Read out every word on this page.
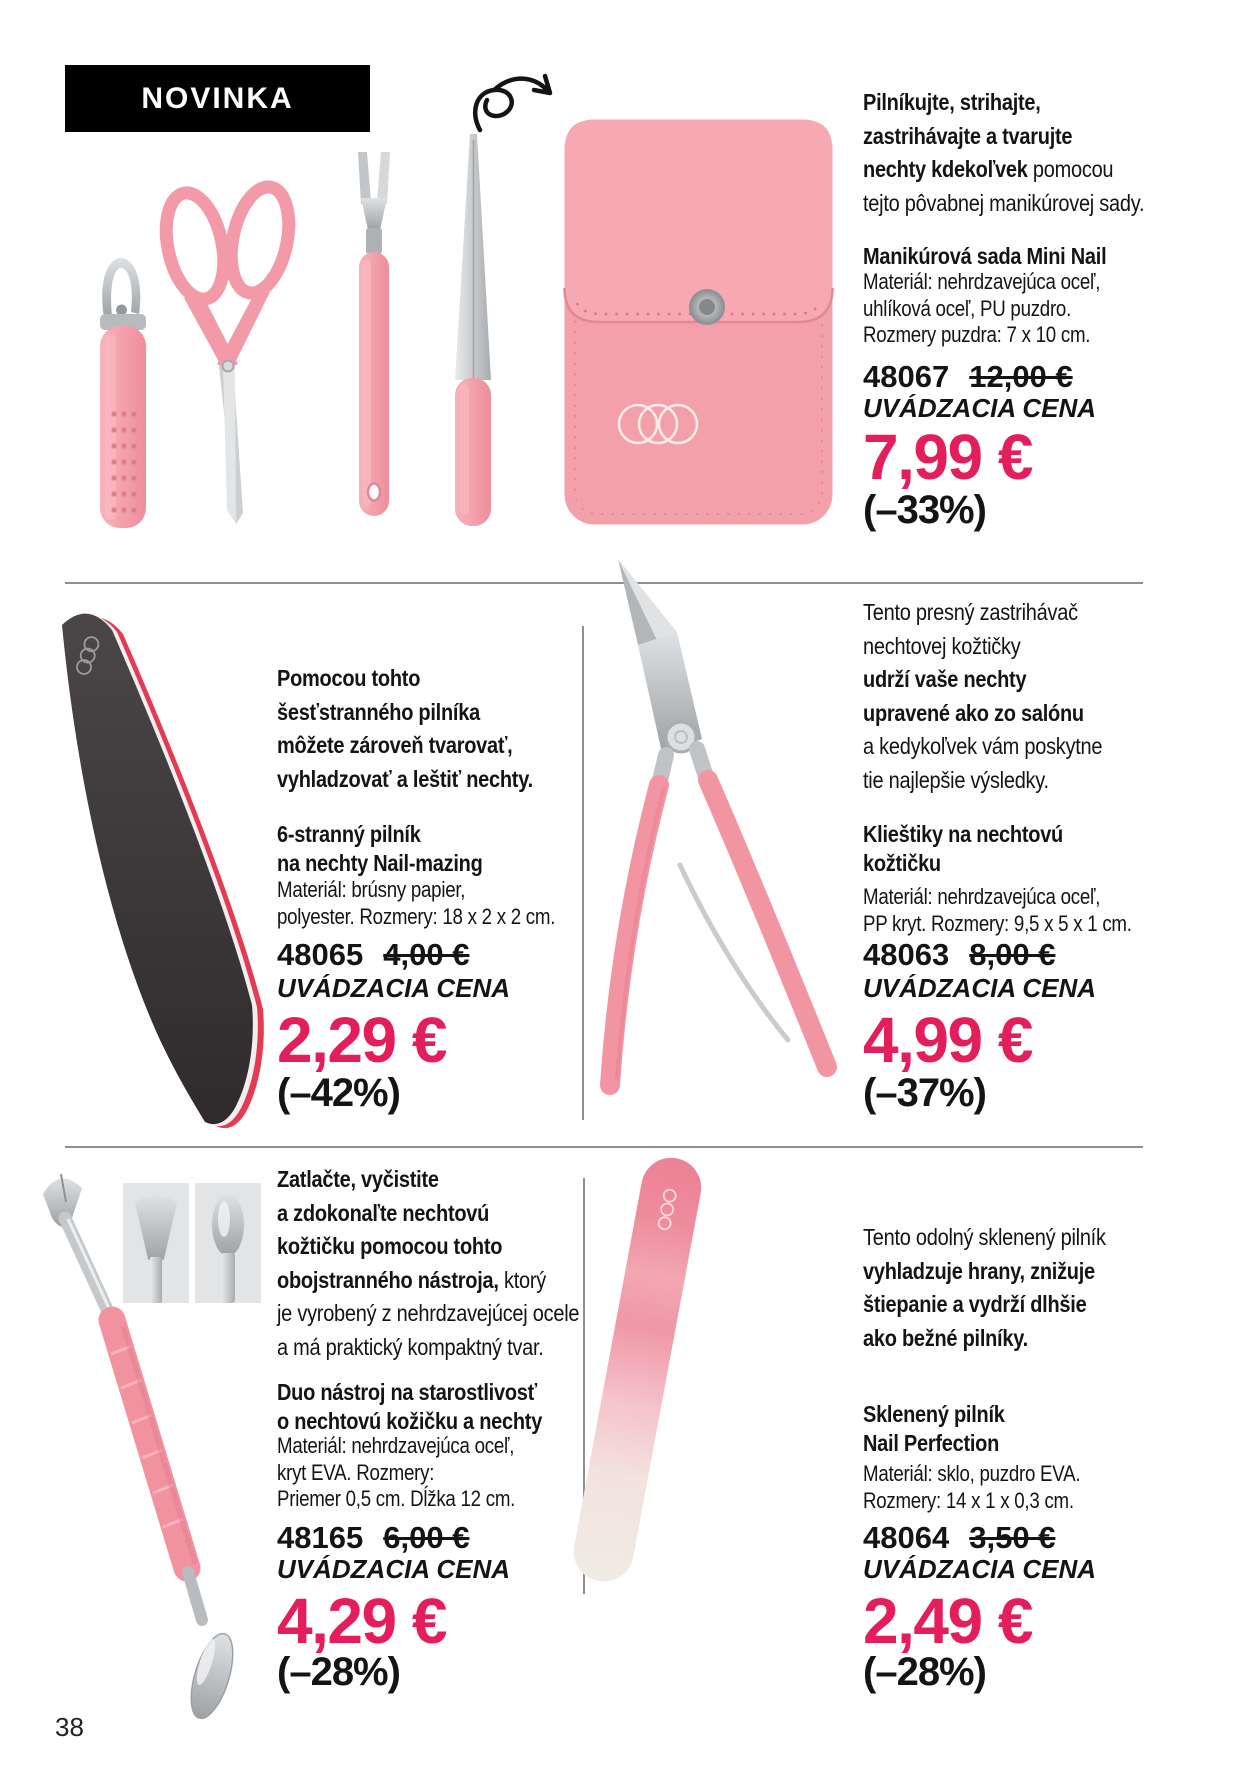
NOVINKA	Pilníkujte, strihajte,
zastrihávajte a tvarujte
nechty kdekoľvek pomocou
tejto pôvabnej manikúrovej sady.
Manikúrová sada Mini Nail
Materiál: nehrdzavejúca oceľ,
uhlíková oceľ, PU puzdro.
Rozmery puzdra: 7 x 10 cm.
48067 12,00 €
UVÁDZACIA CENA
7,99 €
(–33%)
Pomocou tohto
šesťstranného pilníka
môžete zároveň tvarovať,
vyhladzovať a leštiť nechty.
6-stranný pilník
na nechty Nail-mazing
Materiál: brúsny papier,
polyester. Rozmery: 18 x 2 x 2 cm.
48065 4,00 €
UVÁDZACIA CENA
2,29 €
(–42%)
Tento presný zastrihávač
nechtovej kožtičky
udrží vaše nechty
upravené ako zo salónu
a kedykoľvek vám poskytne
tie najlepšie výsledky.
Klieštiky na nechtovú
kožtičku
Materiál: nehrdzavejúca oceľ,
PP kryt. Rozmery: 9,5 x 5 x 1 cm.
48063 8,00 €
UVÁDZACIA CENA
4,99 €
(–37%)
Zatlačte, vyčistite
a zdokonaľte nechtovú
kožtičku pomocou tohto
obojstranného nástroja, ktorý
je vyrobený z nehrdzavejúcej ocele
a má praktický kompaktný tvar.
Duo nástroj na starostlivosť
o nechtovú kožičku a nechty
Materiál: nehrdzavejúca oceľ,
kryt EVA. Rozmery:
Priemer 0,5 cm. Dĺžka 12 cm.
48165 6,00 €
UVÁDZACIA CENA
4,29 €
(–28%)
Tento odolný sklenený pilník
vyhladzuje hrany, znižuje
štiepanie a vydrží dlhšie
ako bežné pilníky.
Sklenený pilník
Nail Perfection
Materiál: sklo, puzdro EVA.
Rozmery: 14 x 1 x 0,3 cm.
48064 3,50 €
UVÁDZACIA CENA
2,49 €
(–28%)
38
